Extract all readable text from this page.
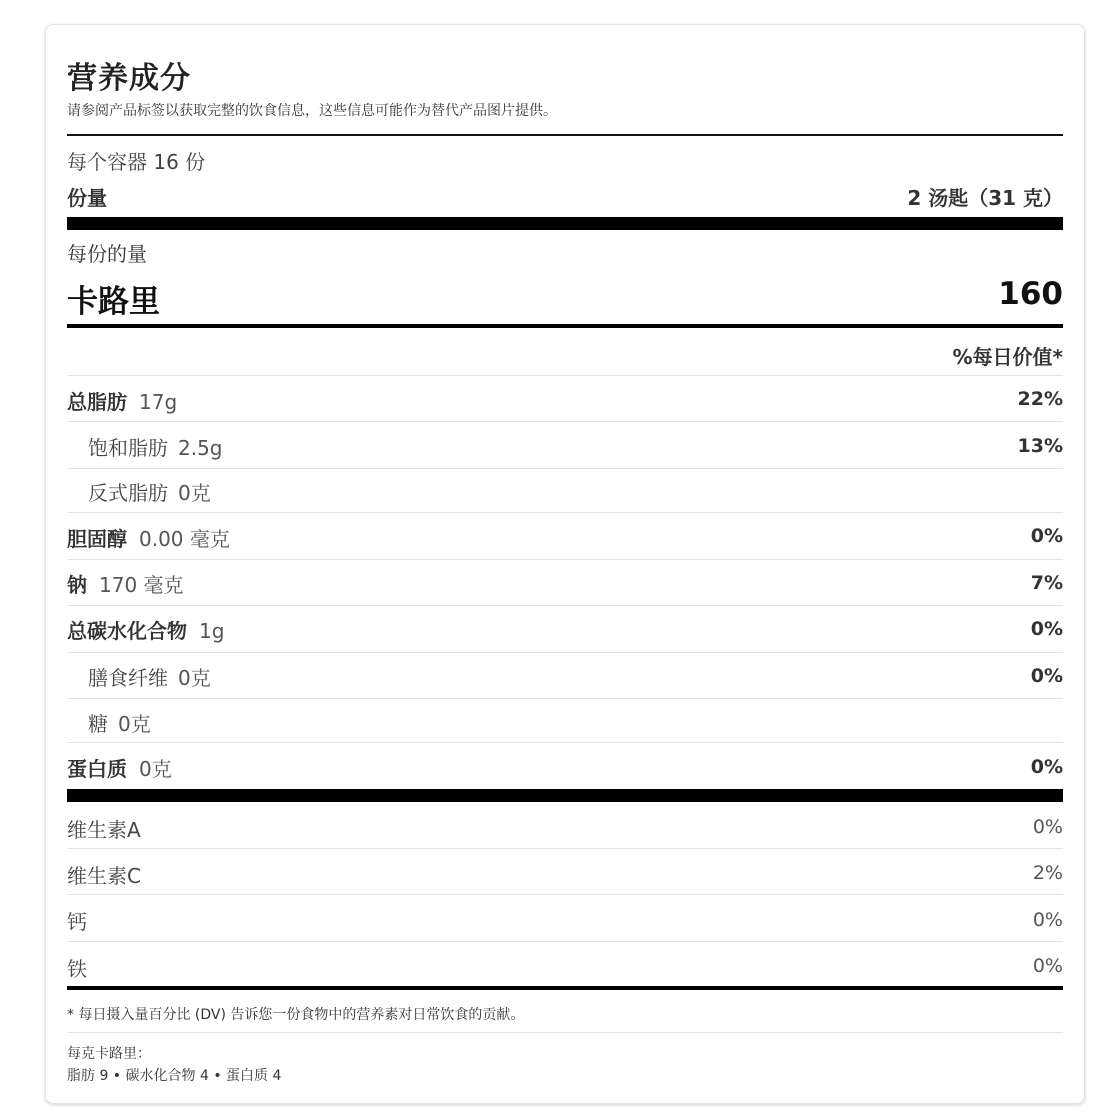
营养成分
请参阅产品标签以获取完整的饮食信息，这些信息可能作为替代产品图片提供。
每个容器 16 份
份量	2 汤匙（31 克）
每份的量
卡路里	160
%每日价值*
总脂肪 17g	22%
饱和脂肪 2.5g	13%
反式脂肪 0克
胆固醇 0.00 毫克	0%
钠 170 毫克	7%
总碳水化合物 1g	0%
膳食纤维 0克	0%
糖 0克
蛋白质 0克	0%
维生素A	0%
维生素C	2%
钙	0%
铁	0%
* 每日摄入量百分比 (DV) 告诉您一份食物中的营养素对日常饮食的贡献。
每克卡路里：
脂肪 9 • 碳水化合物 4 • 蛋白质 4
